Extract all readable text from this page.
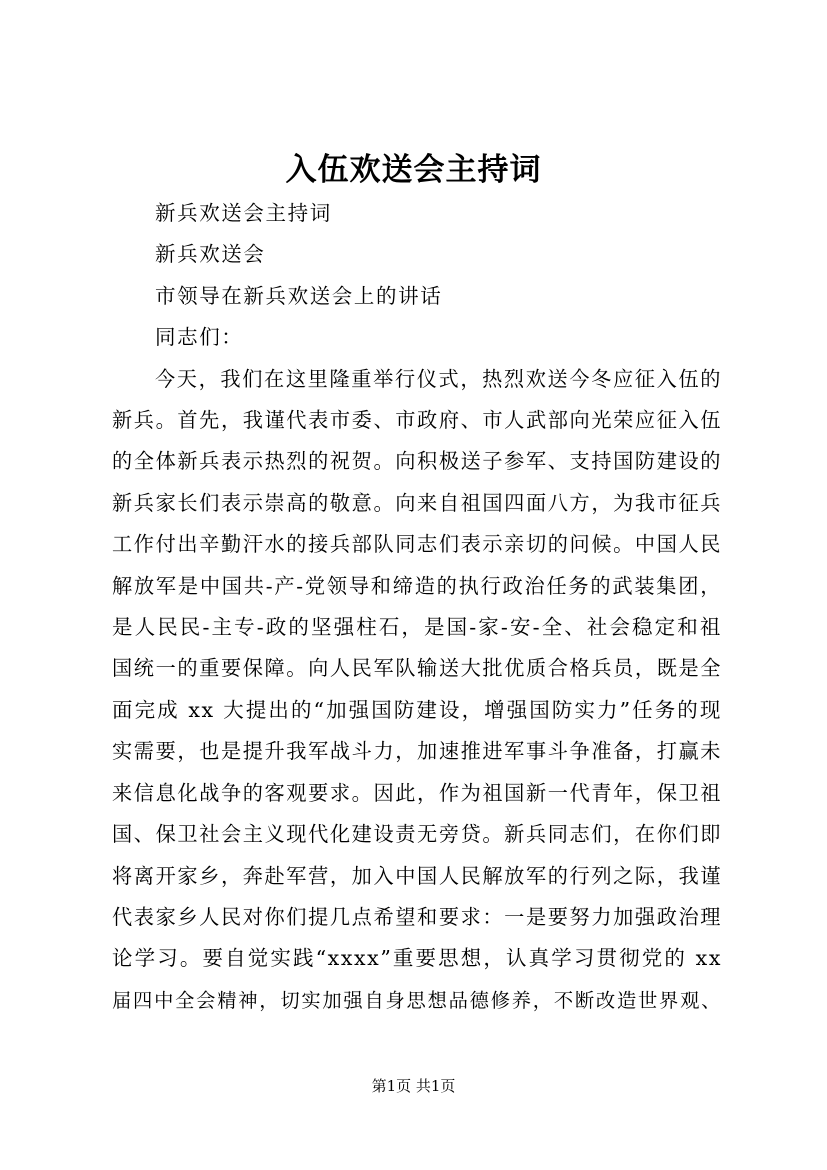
入伍欢送会主持词
新兵欢送会主持词
新兵欢送会
市领导在新兵欢送会上的讲话
同志们：
今天，我们在这里隆重举行仪式，热烈欢送今冬应征入伍的
新兵。首先，我谨代表市委、市政府、市人武部向光荣应征入伍
的全体新兵表示热烈的祝贺。向积极送子参军、支持国防建设的
新兵家长们表示崇高的敬意。向来自祖国四面八方，为我市征兵
工作付出辛勤汗水的接兵部队同志们表示亲切的问候。中国人民
解放军是中国共-产-党领导和缔造的执行政治任务的武装集团，
是人民民-主专-政的坚强柱石，是国-家-安-全、社会稳定和祖
国统一的重要保障。向人民军队输送大批优质合格兵员，既是全
面完成 xx 大提出的“加强国防建设，增强国防实力”任务的现
实需要，也是提升我军战斗力，加速推进军事斗争准备，打赢未
来信息化战争的客观要求。因此，作为祖国新一代青年，保卫祖
国、保卫社会主义现代化建设责无旁贷。新兵同志们，在你们即
将离开家乡，奔赴军营，加入中国人民解放军的行列之际，我谨
代表家乡人民对你们提几点希望和要求：一是要努力加强政治理
论学习。要自觉实践“xxxx”重要思想，认真学习贯彻党的 xx
届四中全会精神，切实加强自身思想品德修养，不断改造世界观、
第1页 共1页
